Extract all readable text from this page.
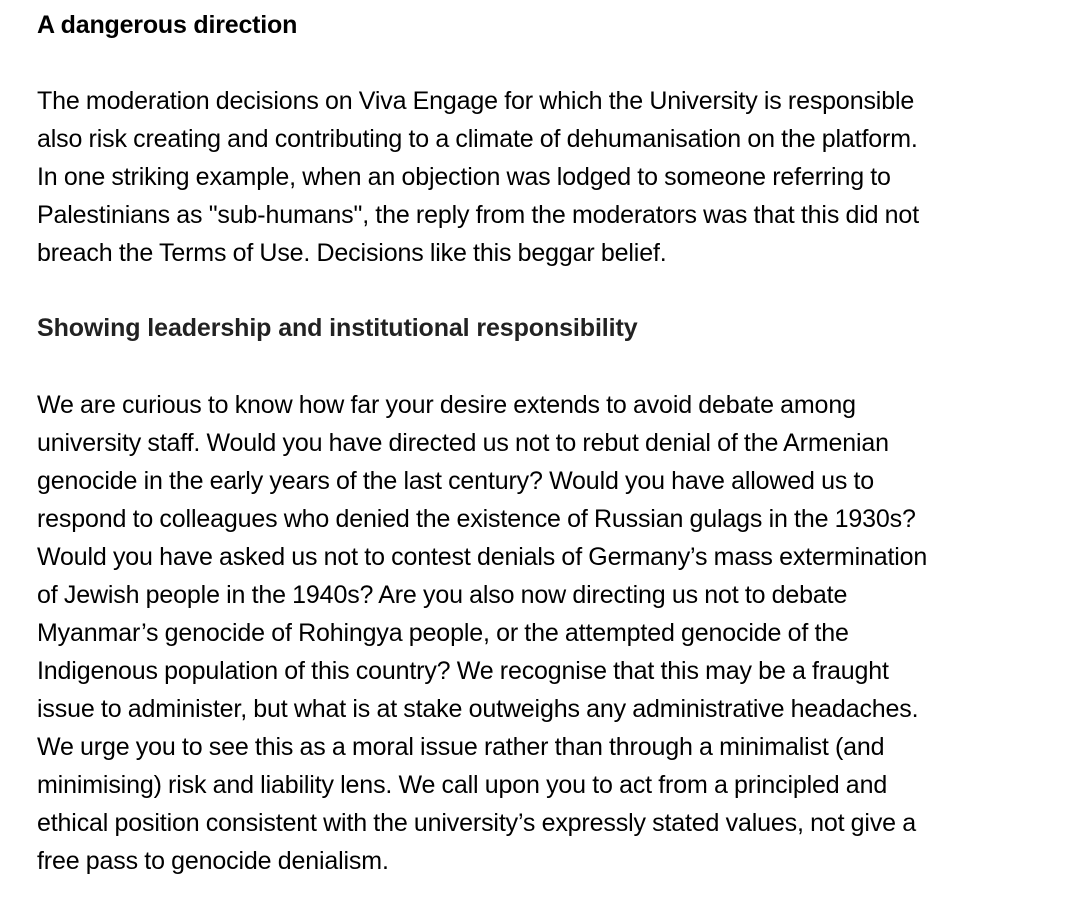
A dangerous direction

The moderation decisions on Viva Engage for which the University is responsible
also risk creating and contributing to a climate of dehumanisation on the platform.
In one striking example, when an objection was lodged to someone referring to
Palestinians as "sub-humans", the reply from the moderators was that this did not
breach the Terms of Use. Decisions like this beggar belief.

Showing leadership and institutional responsibility

We are curious to know how far your desire extends to avoid debate among
university staff. Would you have directed us not to rebut denial of the Armenian
genocide in the early years of the last century? Would you have allowed us to
respond to colleagues who denied the existence of Russian gulags in the 1930s?
Would you have asked us not to contest denials of Germany’s mass extermination
of Jewish people in the 1940s? Are you also now directing us not to debate
Myanmar’s genocide of Rohingya people, or the attempted genocide of the
Indigenous population of this country? We recognise that this may be a fraught
issue to administer, but what is at stake outweighs any administrative headaches.
We urge you to see this as a moral issue rather than through a minimalist (and
minimising) risk and liability lens. We call upon you to act from a principled and
ethical position consistent with the university’s expressly stated values, not give a
free pass to genocide denialism.
